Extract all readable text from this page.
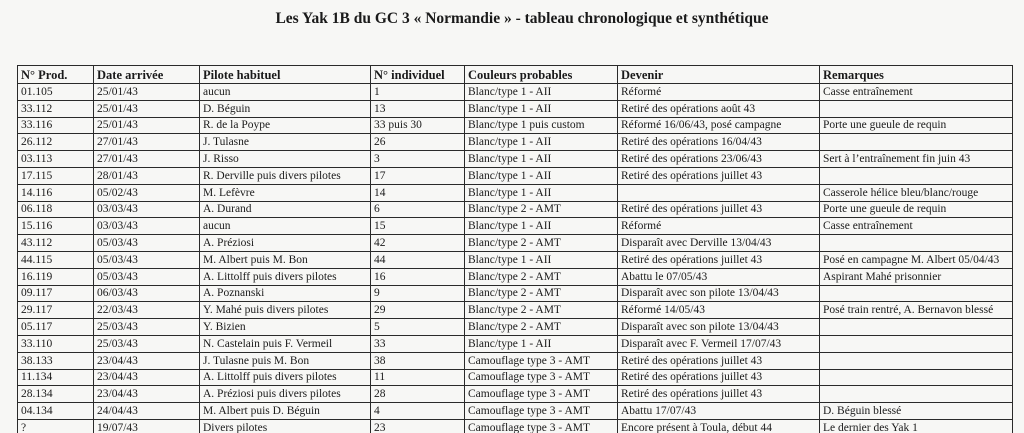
Les Yak 1B du GC 3 « Normandie » - tableau chronologique et synthétique
N° Prod.	Date arrivée	Pilote habituel	N° individuel	Couleurs probables	Devenir	Remarques
01.105	25/01/43	aucun	1	Blanc/type 1 - AII	Réformé	Casse entraînement
33.112	25/01/43	D. Béguin	13	Blanc/type 1 - AII	Retiré des opérations août 43	
33.116	25/01/43	R. de la Poype	33 puis 30	Blanc/type 1 puis custom	Réformé 16/06/43, posé campagne	Porte une gueule de requin
26.112	27/01/43	J. Tulasne	26	Blanc/type 1 - AII	Retiré des opérations 16/04/43	
03.113	27/01/43	J. Risso	3	Blanc/type 1 - AII	Retiré des opérations 23/06/43	Sert à l’entraînement fin juin 43
17.115	28/01/43	R. Derville puis divers pilotes	17	Blanc/type 1 - AII	Retiré des opérations juillet 43	
14.116	05/02/43	M. Lefèvre	14	Blanc/type 1 - AII		Casserole hélice bleu/blanc/rouge
06.118	03/03/43	A. Durand	6	Blanc/type 2 - AMT	Retiré des opérations juillet 43	Porte une gueule de requin
15.116	03/03/43	aucun	15	Blanc/type 1 - AII	Réformé	Casse entraînement
43.112	05/03/43	A. Préziosi	42	Blanc/type 2 - AMT	Disparaît avec Derville 13/04/43	
44.115	05/03/43	M. Albert puis M. Bon	44	Blanc/type 1 - AII	Retiré des opérations juillet 43	Posé en campagne M. Albert 05/04/43
16.119	05/03/43	A. Littolff puis divers pilotes	16	Blanc/type 2 - AMT	Abattu le 07/05/43	Aspirant Mahé prisonnier
09.117	06/03/43	A. Poznanski	9	Blanc/type 2 - AMT	Disparaît avec son pilote 13/04/43	
29.117	22/03/43	Y. Mahé puis divers pilotes	29	Blanc/type 2 - AMT	Réformé 14/05/43	Posé train rentré, A. Bernavon blessé
05.117	25/03/43	Y. Bizien	5	Blanc/type 2 - AMT	Disparaît avec son pilote 13/04/43	
33.110	25/03/43	N. Castelain puis F. Vermeil	33	Blanc/type 1 - AII	Disparaît avec F. Vermeil 17/07/43	
38.133	23/04/43	J. Tulasne puis M. Bon	38	Camouflage type 3 - AMT	Retiré des opérations juillet 43	
11.134	23/04/43	A. Littolff puis divers pilotes	11	Camouflage type 3 - AMT	Retiré des opérations juillet 43	
28.134	23/04/43	A. Préziosi puis divers pilotes	28	Camouflage type 3 - AMT	Retiré des opérations juillet 43	
04.134	24/04/43	M. Albert puis D. Béguin	4	Camouflage type 3 - AMT	Abattu 17/07/43	D. Béguin blessé
?	19/07/43	Divers pilotes	23	Camouflage type 3 - AMT	Encore présent à Toula, début 44	Le dernier des Yak 1
